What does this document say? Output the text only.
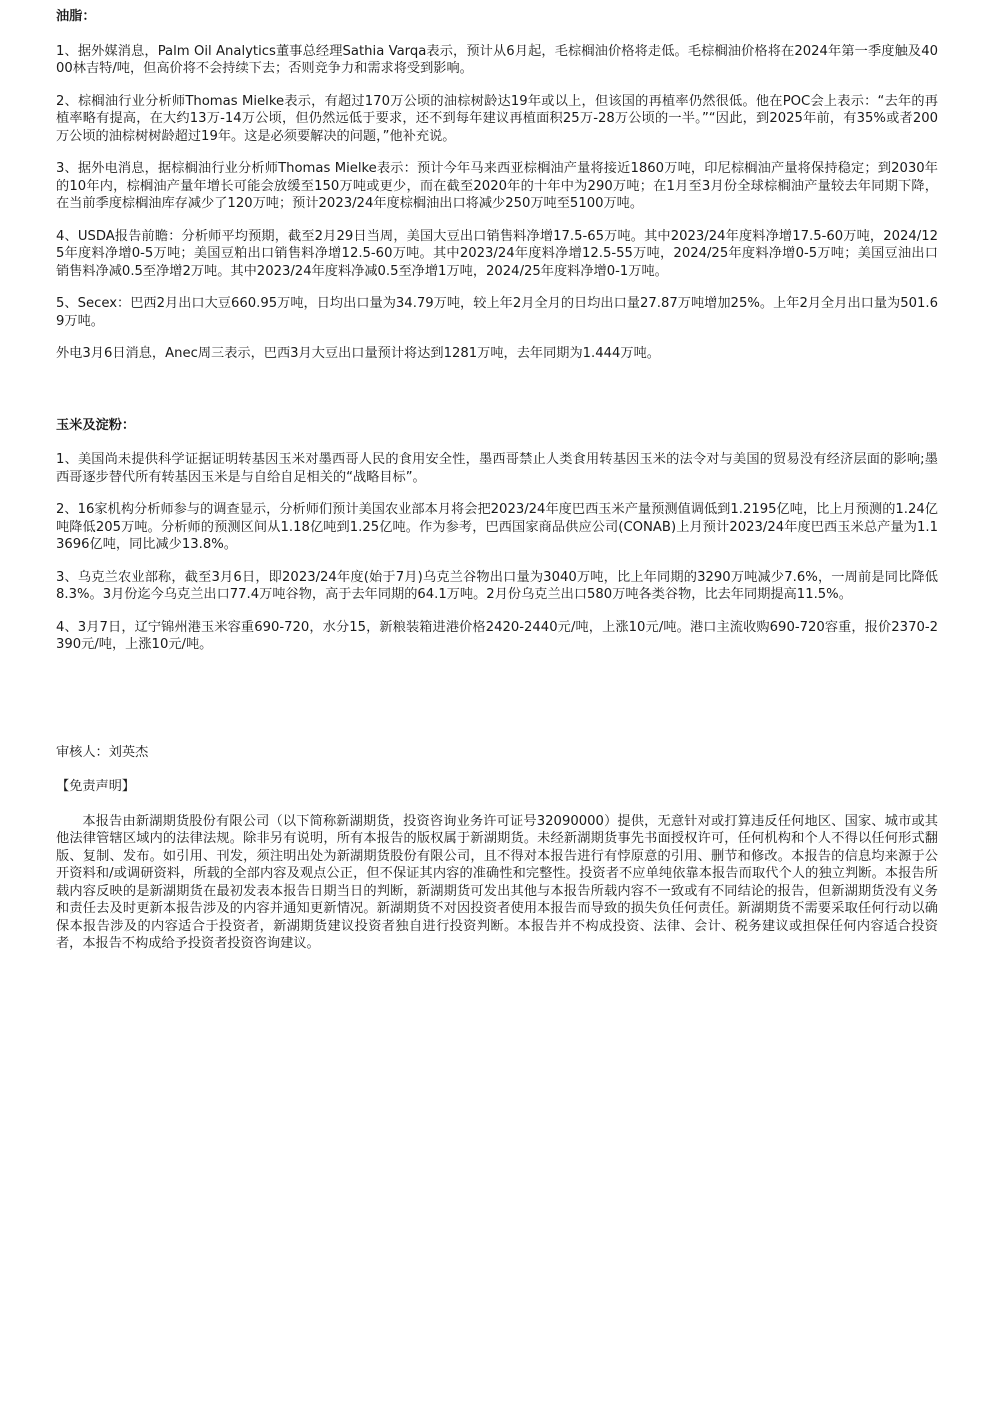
油脂：

1、据外媒消息，Palm Oil Analytics董事总经理Sathia Varqa表示，预计从6月起，毛棕榈油价格将走低。毛棕榈油价格将在2024年第一季度触及4000林吉特/吨，但高价将不会持续下去；否则竞争力和需求将受到影响。

2、棕榈油行业分析师Thomas Mielke表示，有超过170万公顷的油棕树龄达19年或以上，但该国的再植率仍然很低。他在POC会上表示：“去年的再植率略有提高，在大约13万-14万公顷，但仍然远低于要求，还不到每年建议再植面积25万-28万公顷的一半。”“因此，到2025年前，有35%或者200万公顷的油棕树树龄超过19年。这是必须要解决的问题，”他补充说。

3、据外电消息，据棕榈油行业分析师Thomas Mielke表示：预计今年马来西亚棕榈油产量将接近1860万吨，印尼棕榈油产量将保持稳定；到2030年的10年内，棕榈油产量年增长可能会放缓至150万吨或更少，而在截至2020年的十年中为290万吨；在1月至3月份全球棕榈油产量较去年同期下降，在当前季度棕榈油库存减少了120万吨；预计2023/24年度棕榈油出口将减少250万吨至5100万吨。

4、USDA报告前瞻：分析师平均预期，截至2月29日当周，美国大豆出口销售料净增17.5-65万吨。其中2023/24年度料净增17.5-60万吨，2024/125年度料净增0-5万吨；美国豆粕出口销售料净增12.5-60万吨。其中2023/24年度料净增12.5-55万吨，2024/25年度料净增0-5万吨；美国豆油出口销售料净减0.5至净增2万吨。其中2023/24年度料净减0.5至净增1万吨，2024/25年度料净增0-1万吨。

5、Secex：巴西2月出口大豆660.95万吨，日均出口量为34.79万吨，较上年2月全月的日均出口量27.87万吨增加25%。上年2月全月出口量为501.69万吨。

外电3月6日消息，Anec周三表示，巴西3月大豆出口量预计将达到1281万吨，去年同期为1.444万吨。

玉米及淀粉：

1、美国尚未提供科学证据证明转基因玉米对墨西哥人民的食用安全性，墨西哥禁止人类食用转基因玉米的法令对与美国的贸易没有经济层面的影响;墨西哥逐步替代所有转基因玉米是与自给自足相关的“战略目标”。

2、16家机构分析师参与的调查显示，分析师们预计美国农业部本月将会把2023/24年度巴西玉米产量预测值调低到1.2195亿吨，比上月预测的1.24亿吨降低205万吨。分析师的预测区间从1.18亿吨到1.25亿吨。作为参考，巴西国家商品供应公司(CONAB)上月预计2023/24年度巴西玉米总产量为1.13696亿吨，同比减少13.8%。

3、乌克兰农业部称，截至3月6日，即2023/24年度(始于7月)乌克兰谷物出口量为3040万吨，比上年同期的3290万吨减少7.6%，一周前是同比降低8.3%。3月份迄今乌克兰出口77.4万吨谷物，高于去年同期的64.1万吨。2月份乌克兰出口580万吨各类谷物，比去年同期提高11.5%。

4、3月7日，辽宁锦州港玉米容重690-720，水分15，新粮装箱进港价格2420-2440元/吨，上涨10元/吨。港口主流收购690-720容重，报价2370-2390元/吨，上涨10元/吨。

审核人：刘英杰
【免责声明】

本报告由新湖期货股份有限公司（以下简称新湖期货，投资咨询业务许可证号32090000）提供，无意针对或打算违反任何地区、国家、城市或其他法律管辖区域内的法律法规。除非另有说明，所有本报告的版权属于新湖期货。未经新湖期货事先书面授权许可，任何机构和个人不得以任何形式翻版、复制、发布。如引用、刊发，须注明出处为新湖期货股份有限公司，且不得对本报告进行有悖原意的引用、删节和修改。本报告的信息均来源于公开资料和/或调研资料，所载的全部内容及观点公正，但不保证其内容的准确性和完整性。投资者不应单纯依靠本报告而取代个人的独立判断。本报告所载内容反映的是新湖期货在最初发表本报告日期当日的判断，新湖期货可发出其他与本报告所载内容不一致或有不同结论的报告，但新湖期货没有义务和责任去及时更新本报告涉及的内容并通知更新情况。新湖期货不对因投资者使用本报告而导致的损失负任何责任。新湖期货不需要采取任何行动以确保本报告涉及的内容适合于投资者，新湖期货建议投资者独自进行投资判断。本报告并不构成投资、法律、会计、税务建议或担保任何内容适合投资者，本报告不构成给予投资者投资咨询建议。
